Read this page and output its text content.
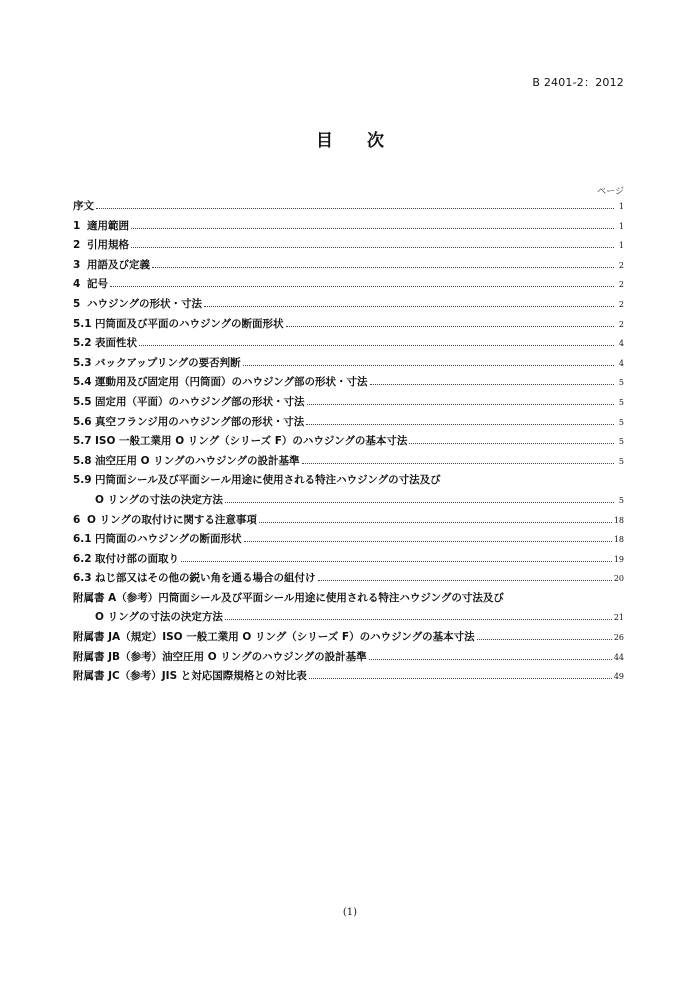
B 2401-2：2012
目 次
ページ
序文	1
1 適用範囲	1
2 引用規格	1
3 用語及び定義	2
4 記号	2
5 ハウジングの形状・寸法	2
5.1 円筒面及び平面のハウジングの断面形状	2
5.2 表面性状	4
5.3 バックアップリングの要否判断	4
5.4 運動用及び固定用（円筒面）のハウジング部の形状・寸法	5
5.5 固定用（平面）のハウジング部の形状・寸法	5
5.6 真空フランジ用のハウジング部の形状・寸法	5
5.7 ISO 一般工業用 O リング（シリーズ F）のハウジングの基本寸法	5
5.8 油空圧用 O リングのハウジングの設計基準	5
5.9 円筒面シール及び平面シール用途に使用される特注ハウジングの寸法及び
O リングの寸法の決定方法	5
6 O リングの取付けに関する注意事項	18
6.1 円筒面のハウジングの断面形状	18
6.2 取付け部の面取り	19
6.3 ねじ部又はその他の鋭い角を通る場合の組付け	20
附属書 A（参考）円筒面シール及び平面シール用途に使用される特注ハウジングの寸法及び
O リングの寸法の決定方法	21
附属書 JA（規定）ISO 一般工業用 O リング（シリーズ F）のハウジングの基本寸法	26
附属書 JB（参考）油空圧用 O リングのハウジングの設計基準	44
附属書 JC（参考）JIS と対応国際規格との対比表	49
(1)
